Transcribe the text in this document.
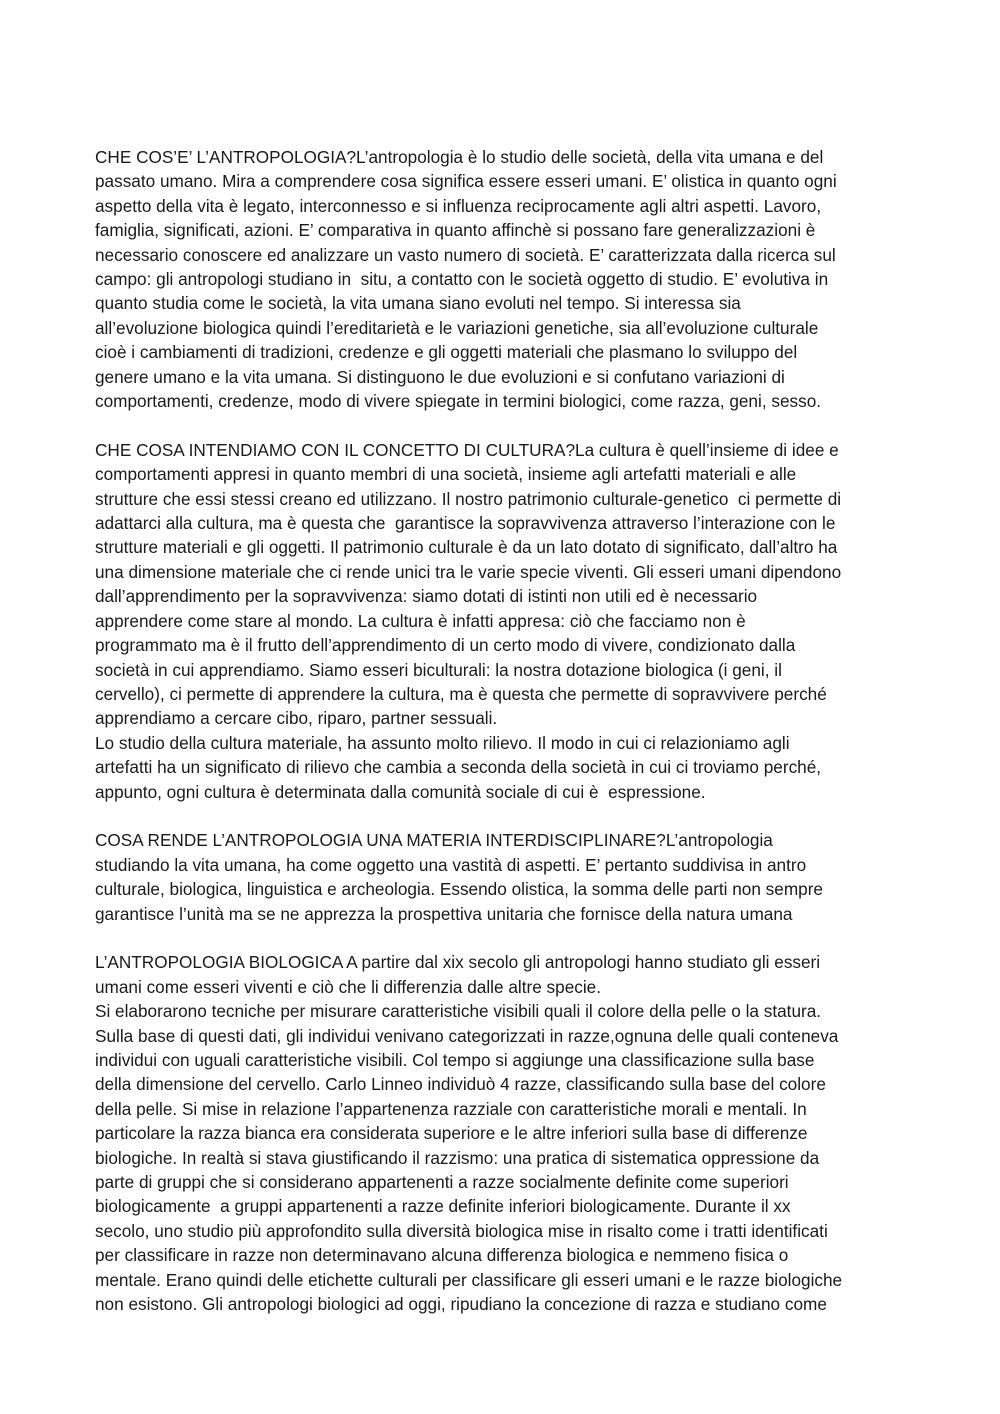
CHE COS’E’ L’ANTROPOLOGIA?L’antropologia è lo studio delle società, della vita umana e del
passato umano. Mira a comprendere cosa significa essere esseri umani. E’ olistica in quanto ogni
aspetto della vita è legato, interconnesso e si influenza reciprocamente agli altri aspetti. Lavoro,
famiglia, significati, azioni. E’ comparativa in quanto affinchè si possano fare generalizzazioni è
necessario conoscere ed analizzare un vasto numero di società. E’ caratterizzata dalla ricerca sul
campo: gli antropologi studiano in  situ, a contatto con le società oggetto di studio. E’ evolutiva in
quanto studia come le società, la vita umana siano evoluti nel tempo. Si interessa sia
all’evoluzione biologica quindi l’ereditarietà e le variazioni genetiche, sia all’evoluzione culturale
cioè i cambiamenti di tradizioni, credenze e gli oggetti materiali che plasmano lo sviluppo del
genere umano e la vita umana. Si distinguono le due evoluzioni e si confutano variazioni di
comportamenti, credenze, modo di vivere spiegate in termini biologici, come razza, geni, sesso.
CHE COSA INTENDIAMO CON IL CONCETTO DI CULTURA?La cultura è quell’insieme di idee e
comportamenti appresi in quanto membri di una società, insieme agli artefatti materiali e alle
strutture che essi stessi creano ed utilizzano. Il nostro patrimonio culturale-genetico  ci permette di
adattarci alla cultura, ma è questa che  garantisce la sopravvivenza attraverso l’interazione con le
strutture materiali e gli oggetti. Il patrimonio culturale è da un lato dotato di significato, dall’altro ha
una dimensione materiale che ci rende unici tra le varie specie viventi. Gli esseri umani dipendono
dall’apprendimento per la sopravvivenza: siamo dotati di istinti non utili ed è necessario
apprendere come stare al mondo. La cultura è infatti appresa: ciò che facciamo non è
programmato ma è il frutto dell’apprendimento di un certo modo di vivere, condizionato dalla
società in cui apprendiamo. Siamo esseri biculturali: la nostra dotazione biologica (i geni, il
cervello), ci permette di apprendere la cultura, ma è questa che permette di sopravvivere perché
apprendiamo a cercare cibo, riparo, partner sessuali.
Lo studio della cultura materiale, ha assunto molto rilievo. Il modo in cui ci relazioniamo agli
artefatti ha un significato di rilievo che cambia a seconda della società in cui ci troviamo perché,
appunto, ogni cultura è determinata dalla comunità sociale di cui è  espressione.
COSA RENDE L’ANTROPOLOGIA UNA MATERIA INTERDISCIPLINARE?L’antropologia
studiando la vita umana, ha come oggetto una vastità di aspetti. E’ pertanto suddivisa in antro
culturale, biologica, linguistica e archeologia. Essendo olistica, la somma delle parti non sempre
garantisce l’unità ma se ne apprezza la prospettiva unitaria che fornisce della natura umana
L’ANTROPOLOGIA BIOLOGICA A partire dal xix secolo gli antropologi hanno studiato gli esseri
umani come esseri viventi e ciò che li differenzia dalle altre specie.
Si elaborarono tecniche per misurare caratteristiche visibili quali il colore della pelle o la statura.
Sulla base di questi dati, gli individui venivano categorizzati in razze,ognuna delle quali conteneva
individui con uguali caratteristiche visibili. Col tempo si aggiunge una classificazione sulla base
della dimensione del cervello. Carlo Linneo individuò 4 razze, classificando sulla base del colore
della pelle. Si mise in relazione l’appartenenza razziale con caratteristiche morali e mentali. In
particolare la razza bianca era considerata superiore e le altre inferiori sulla base di differenze
biologiche. In realtà si stava giustificando il razzismo: una pratica di sistematica oppressione da
parte di gruppi che si considerano appartenenti a razze socialmente definite come superiori
biologicamente  a gruppi appartenenti a razze definite inferiori biologicamente. Durante il xx
secolo, uno studio più approfondito sulla diversità biologica mise in risalto come i tratti identificati
per classificare in razze non determinavano alcuna differenza biologica e nemmeno fisica o
mentale. Erano quindi delle etichette culturali per classificare gli esseri umani e le razze biologiche
non esistono. Gli antropologi biologici ad oggi, ripudiano la concezione di razza e studiano come
